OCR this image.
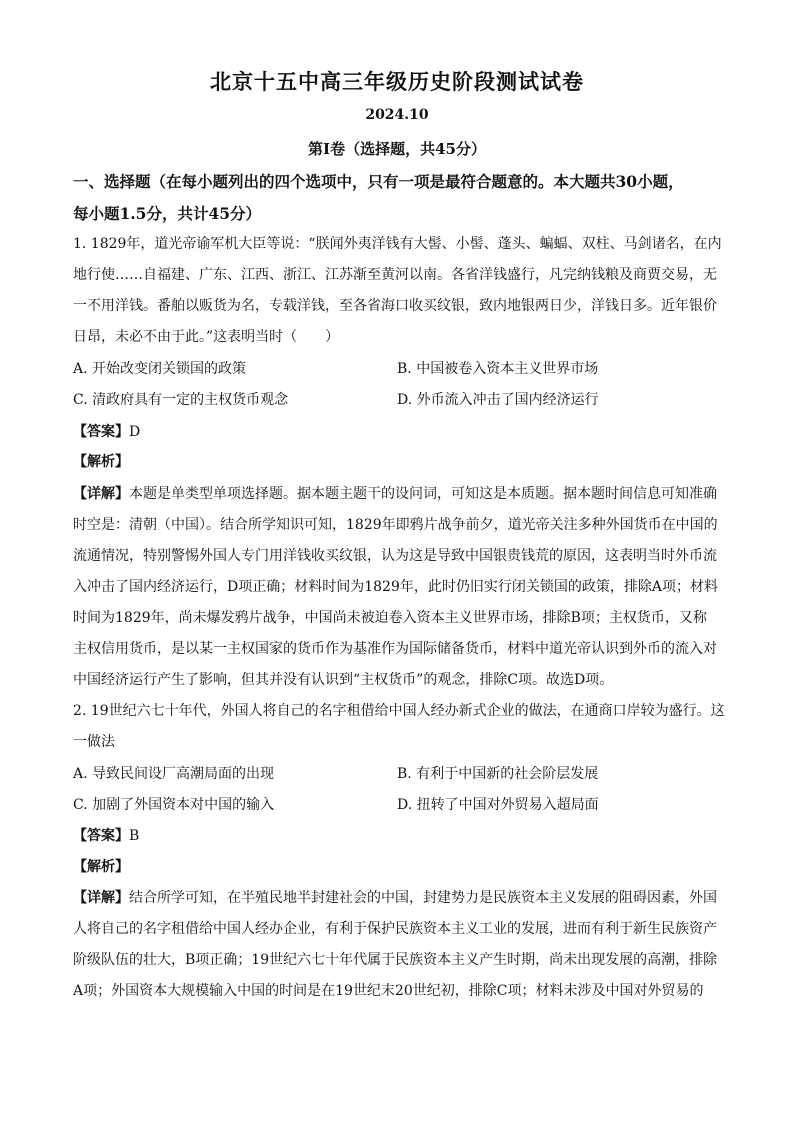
北京十五中高三年级历史阶段测试试卷
2024.10
第Ⅰ卷（选择题，共45分）
一、选择题（在每小题列出的四个选项中，只有一项是最符合题意的。本大题共30小题，
每小题1.5分，共计45分）
1. 1829年，道光帝谕军机大臣等说：“朕闻外夷洋钱有大髻、小髻、蓬头、蝙蝠、双柱、马剑诸名，在内
地行使……自福建、广东、江西、浙江、江苏渐至黄河以南。各省洋钱盛行，凡完纳钱粮及商贾交易，无
一不用洋钱。番舶以贩货为名，专载洋钱，至各省海口收买纹银，致内地银两日少，洋钱日多。近年银价
日昂，未必不由于此。”这表明当时（　　）
A. 开始改变闭关锁国的政策	B. 中国被卷入资本主义世界市场
C. 清政府具有一定的主权货币观念	D. 外币流入冲击了国内经济运行
【答案】D
【解析】
【详解】本题是单类型单项选择题。据本题主题干的设问词，可知这是本质题。据本题时间信息可知准确
时空是：清朝（中国）。结合所学知识可知，1829年即鸦片战争前夕，道光帝关注多种外国货币在中国的
流通情况，特别警惕外国人专门用洋钱收买纹银，认为这是导致中国银贵钱荒的原因，这表明当时外币流
入冲击了国内经济运行，D项正确；材料时间为1829年，此时仍旧实行闭关锁国的政策，排除A项；材料
时间为1829年，尚未爆发鸦片战争，中国尚未被迫卷入资本主义世界市场，排除B项；主权货币，又称
主权信用货币，是以某一主权国家的货币作为基准作为国际储备货币，材料中道光帝认识到外币的流入对
中国经济运行产生了影响，但其并没有认识到“主权货币”的观念，排除C项。故选D项。
2. 19世纪六七十年代，外国人将自己的名字租借给中国人经办新式企业的做法，在通商口岸较为盛行。这
一做法
A. 导致民间设厂高潮局面的出现	B. 有利于中国新的社会阶层发展
C. 加剧了外国资本对中国的输入	D. 扭转了中国对外贸易入超局面
【答案】B
【解析】
【详解】结合所学可知，在半殖民地半封建社会的中国，封建势力是民族资本主义发展的阻碍因素，外国
人将自己的名字租借给中国人经办企业，有利于保护民族资本主义工业的发展，进而有利于新生民族资产
阶级队伍的壮大，B项正确；19世纪六七十年代属于民族资本主义产生时期，尚未出现发展的高潮，排除
A项；外国资本大规模输入中国的时间是在19世纪末20世纪初，排除C项；材料未涉及中国对外贸易的
